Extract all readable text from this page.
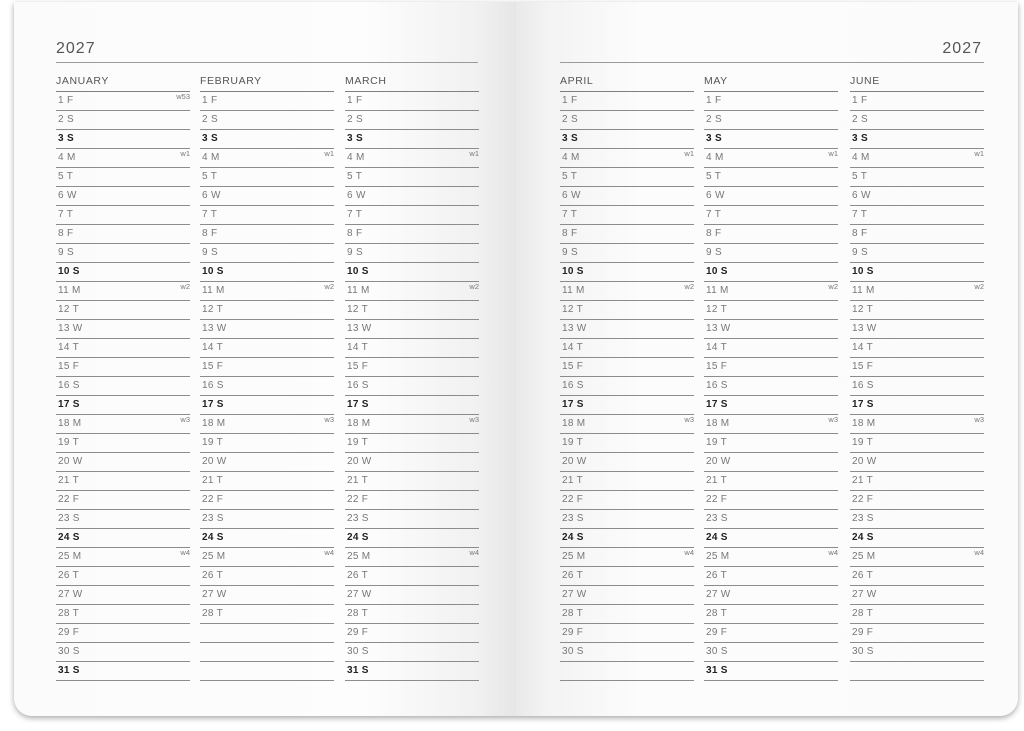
2027
JANUARY
1 F	w53
2 S
3 S
4 M	w1
5 T
6 W
7 T
8 F
9 S
10 S
11 M	w2
12 T
13 W
14 T
15 F
16 S
17 S
18 M	w3
19 T
20 W
21 T
22 F
23 S
24 S
25 M	w4
26 T
27 W
28 T
29 F
30 S
31 S
FEBRUARY
1 F
2 S
3 S
4 M	w1
5 T
6 W
7 T
8 F
9 S
10 S
11 M	w2
12 T
13 W
14 T
15 F
16 S
17 S
18 M	w3
19 T
20 W
21 T
22 F
23 S
24 S
25 M	w4
26 T
27 W
28 T
MARCH
1 F
2 S
3 S
4 M	w1
5 T
6 W
7 T
8 F
9 S
10 S
11 M	w2
12 T
13 W
14 T
15 F
16 S
17 S
18 M	w3
19 T
20 W
21 T
22 F
23 S
24 S
25 M	w4
26 T
27 W
28 T
29 F
30 S
31 S
2027
APRIL
1 F
2 S
3 S
4 M	w1
5 T
6 W
7 T
8 F
9 S
10 S
11 M	w2
12 T
13 W
14 T
15 F
16 S
17 S
18 M	w3
19 T
20 W
21 T
22 F
23 S
24 S
25 M	w4
26 T
27 W
28 T
29 F
30 S
MAY
1 F
2 S
3 S
4 M	w1
5 T
6 W
7 T
8 F
9 S
10 S
11 M	w2
12 T
13 W
14 T
15 F
16 S
17 S
18 M	w3
19 T
20 W
21 T
22 F
23 S
24 S
25 M	w4
26 T
27 W
28 T
29 F
30 S
31 S
JUNE
1 F
2 S
3 S
4 M	w1
5 T
6 W
7 T
8 F
9 S
10 S
11 M	w2
12 T
13 W
14 T
15 F
16 S
17 S
18 M	w3
19 T
20 W
21 T
22 F
23 S
24 S
25 M	w4
26 T
27 W
28 T
29 F
30 S
